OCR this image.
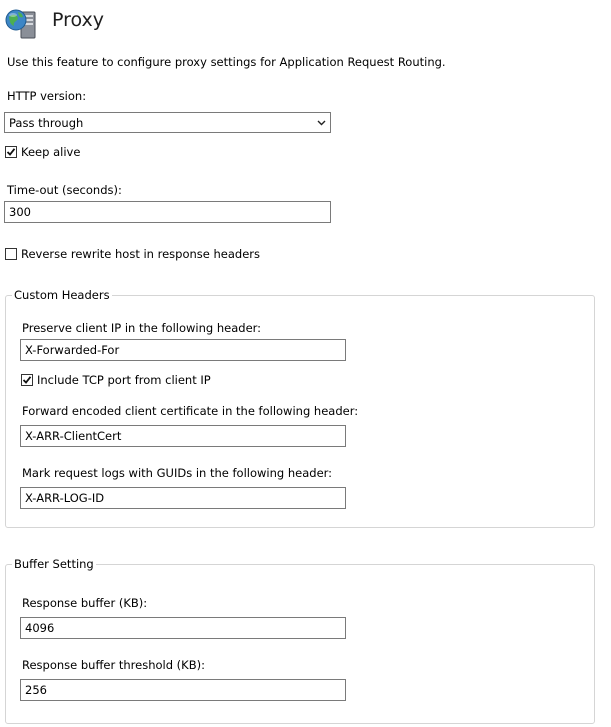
Proxy
Use this feature to configure proxy settings for Application Request Routing.
HTTP version:
Pass through
Keep alive
Time-out (seconds):
300
Reverse rewrite host in response headers
Custom Headers
Preserve client IP in the following header:
X-Forwarded-For
Include TCP port from client IP
Forward encoded client certificate in the following header:
X-ARR-ClientCert
Mark request logs with GUIDs in the following header:
X-ARR-LOG-ID
Buffer Setting
Response buffer (KB):
4096
Response buffer threshold (KB):
256
